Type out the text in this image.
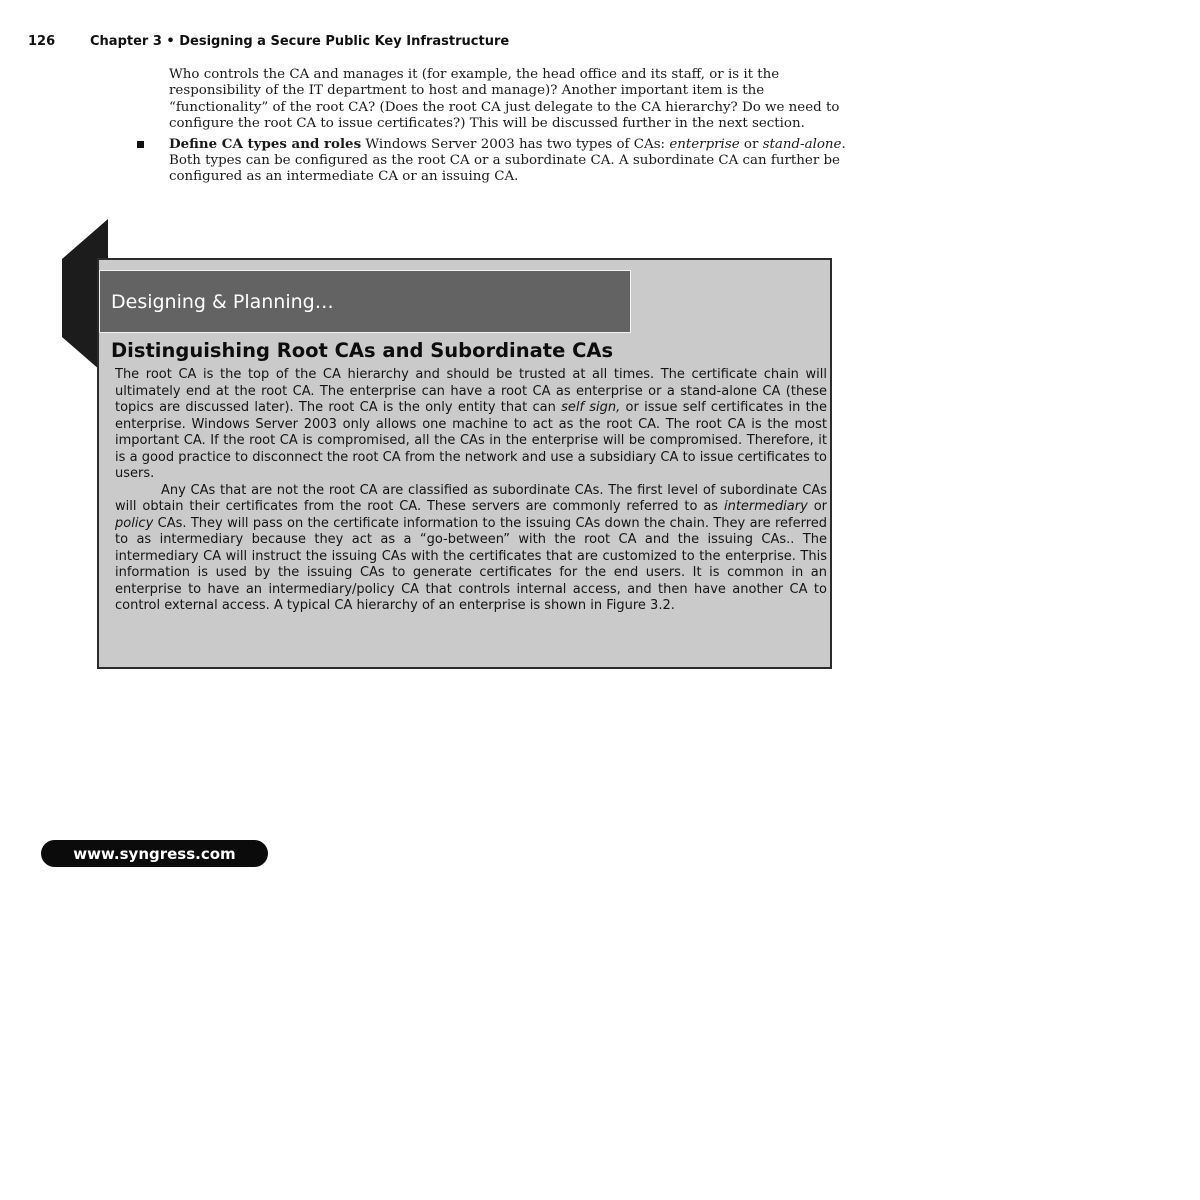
126	Chapter 3 • Designing a Secure Public Key Infrastructure

Who controls the CA and manages it (for example, the head office and its staff, or is it the responsibility of the IT department to host and manage)? Another important item is the “functionality” of the root CA? (Does the root CA just delegate to the CA hierarchy? Do we need to configure the root CA to issue certificates?) This will be discussed further in the next section.

Define CA types and roles Windows Server 2003 has two types of CAs: enterprise or stand-alone. Both types can be configured as the root CA or a subordinate CA. A subordinate CA can further be configured as an intermediate CA or an issuing CA.

Designing & Planning…
Distinguishing Root CAs and Subordinate CAs

The root CA is the top of the CA hierarchy and should be trusted at all times. The certificate chain will ultimately end at the root CA. The enterprise can have a root CA as enterprise or a stand-alone CA (these topics are discussed later). The root CA is the only entity that can self sign, or issue self certificates in the enterprise. Windows Server 2003 only allows one machine to act as the root CA. The root CA is the most important CA. If the root CA is compromised, all the CAs in the enterprise will be compromised. Therefore, it is a good practice to disconnect the root CA from the network and use a subsidiary CA to issue certificates to users.

Any CAs that are not the root CA are classified as subordinate CAs. The first level of subordinate CAs will obtain their certificates from the root CA. These servers are commonly referred to as intermediary or policy CAs. They will pass on the certificate information to the issuing CAs down the chain. They are referred to as intermediary because they act as a “go-between” with the root CA and the issuing CAs.. The intermediary CA will instruct the issuing CAs with the certificates that are customized to the enterprise. This information is used by the issuing CAs to generate certificates for the end users. It is common in an enterprise to have an intermediary/policy CA that controls internal access, and then have another CA to control external access. A typical CA hierarchy of an enterprise is shown in Figure 3.2.

www.syngress.com
